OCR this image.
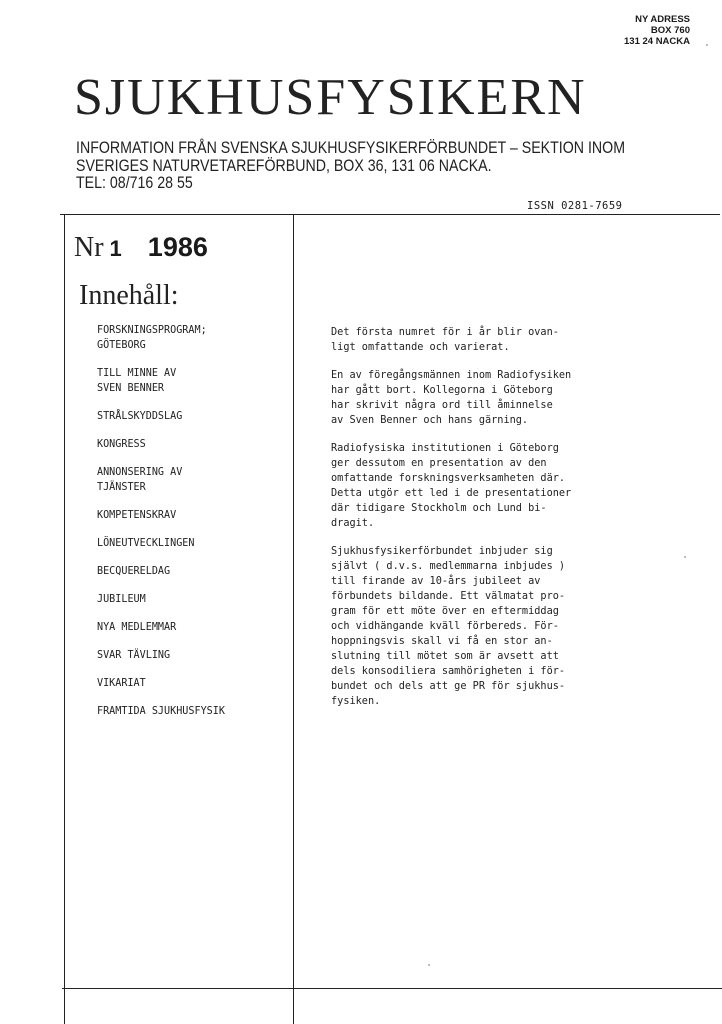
NY ADRESS
BOX 760
131 24 NACKA
SJUKHUSFYSIKERN
INFORMATION FRÅN SVENSKA SJUKHUSFYSIKERFÖRBUNDET – SEKTION INOM
SVERIGES NATURVETAREFÖRBUND, BOX 36, 131 06 NACKA.
TEL: 08/716 28 55
ISSN 0281-7659
Nr 1 1986
Innehåll:
FORSKNINGSPROGRAM;
GÖTEBORG
TILL MINNE AV
SVEN BENNER
STRÅLSKYDDSLAG
KONGRESS
ANNONSERING AV
TJÄNSTER
KOMPETENSKRAV
LÖNEUTVECKLINGEN
BECQUERELDAG
JUBILEUM
NYA MEDLEMMAR
SVAR TÄVLING
VIKARIAT
FRAMTIDA SJUKHUSFYSIK

Det första numret för i år blir ovan-
ligt omfattande och varierat.

En av föregångsmännen inom Radiofysiken
har gått bort. Kollegorna i Göteborg
har skrivit några ord till åminnelse
av Sven Benner och hans gärning.

Radiofysiska institutionen i Göteborg
ger dessutom en presentation av den
omfattande forskningsverksamheten där.
Detta utgör ett led i de presentationer
där tidigare Stockholm och Lund bi-
dragit.

Sjukhusfysikerförbundet inbjuder sig
självt ( d.v.s. medlemmarna inbjudes )
till firande av 10-års jubileet av
förbundets bildande. Ett välmatat pro-
gram för ett möte över en eftermiddag
och vidhängande kväll förbereds. För-
hoppningsvis skall vi få en stor an-
slutning till mötet som är avsett att
dels konsodiliera samhörigheten i för-
bundet och dels att ge PR för sjukhus-
fysiken.
